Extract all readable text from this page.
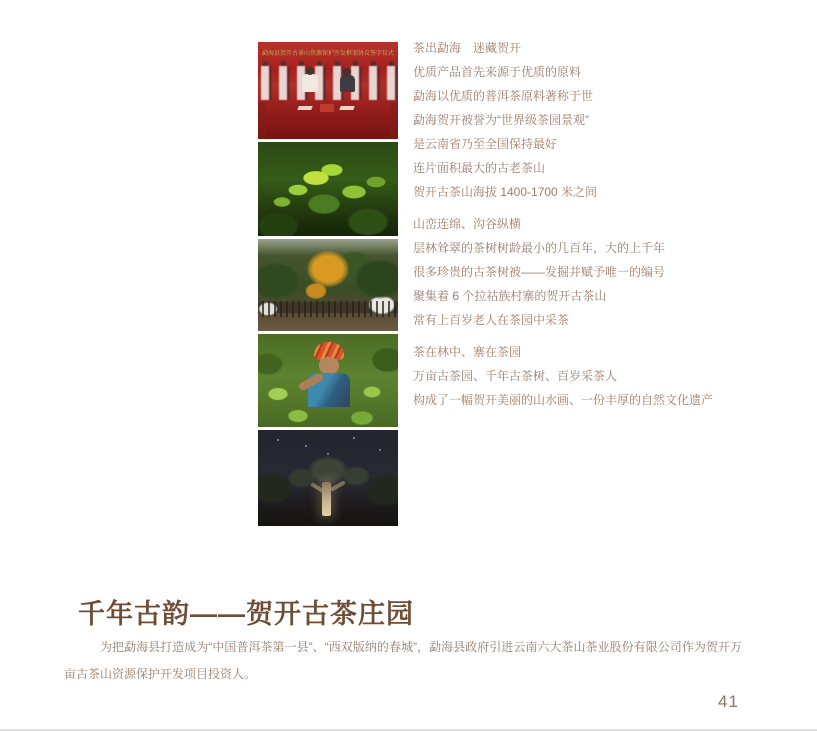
勐海县贺开古茶山资源保护开发框架协议签字仪式 茶出勐海　迷藏贺开
优质产品首先来源于优质的原料
勐海以优质的普洱茶原料著称于世
勐海贺开被誉为“世界级茶园景观”
是云南省乃至全国保持最好
连片面积最大的古老茶山
贺开古茶山海拔 1400-1700 米之间
山峦连绵、沟谷纵横
层林耸翠的茶树树龄最小的几百年，大的上千年
很多珍贵的古茶树被——发掘并赋予唯一的编号
聚集着 6 个拉祜族村寨的贺开古茶山
常有上百岁老人在茶园中采茶
茶在林中、寨在茶园
万亩古茶园、千年古茶树、百岁采茶人
构成了一幅贺开美丽的山水画、一份丰厚的自然文化遗产
千年古韵——贺开古茶庄园

为把勐海县打造成为“中国普洱茶第一县”、“西双版纳的春城”，勐海县政府引进云南六大茶山茶业股份有限公司作为贺开万亩古茶山资源保护开发项目投资人。

41
